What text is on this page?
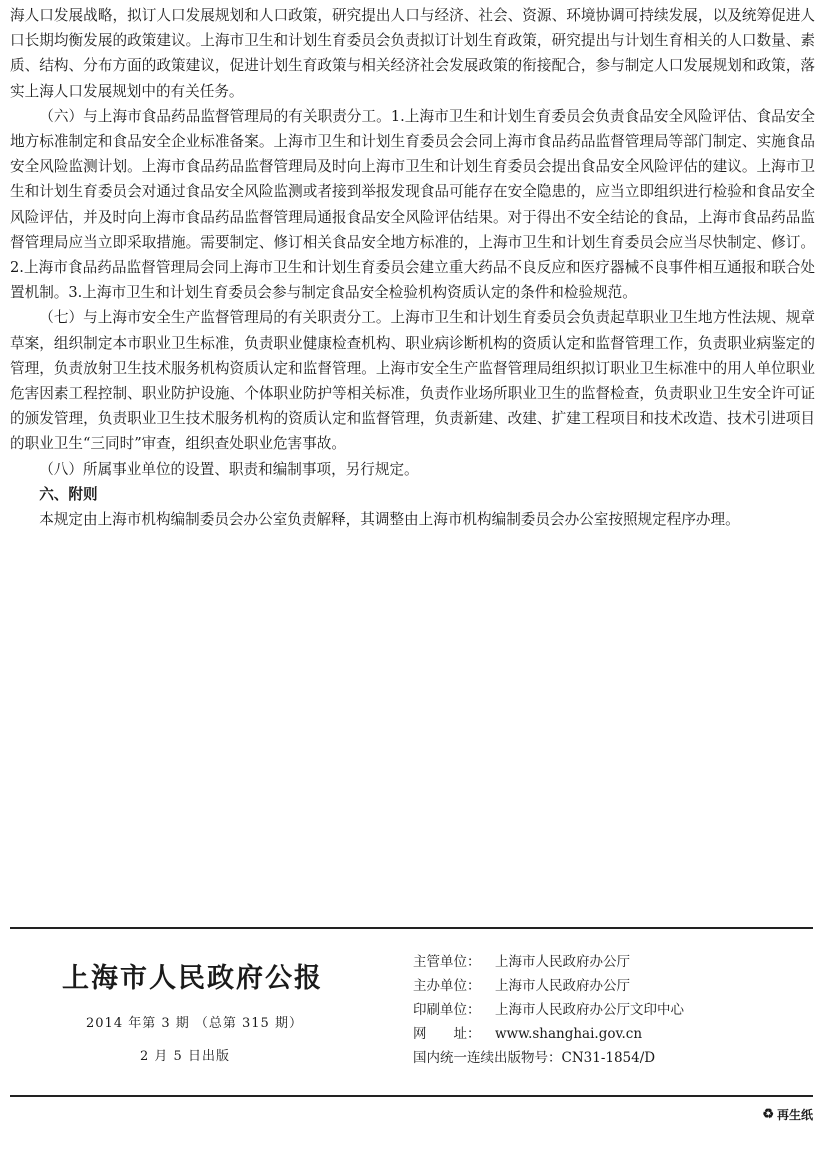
海人口发展战略，拟订人口发展规划和人口政策，研究提出人口与经济、社会、资源、环境协调可持续发展，以及统筹促进人口长期均衡发展的政策建议。上海市卫生和计划生育委员会负责拟订计划生育政策，研究提出与计划生育相关的人口数量、素质、结构、分布方面的政策建议，促进计划生育政策与相关经济社会发展政策的衔接配合，参与制定人口发展规划和政策，落实上海人口发展规划中的有关任务。

（六）与上海市食品药品监督管理局的有关职责分工。1.上海市卫生和计划生育委员会负责食品安全风险评估、食品安全地方标准制定和食品安全企业标准备案。上海市卫生和计划生育委员会会同上海市食品药品监督管理局等部门制定、实施食品安全风险监测计划。上海市食品药品监督管理局及时向上海市卫生和计划生育委员会提出食品安全风险评估的建议。上海市卫生和计划生育委员会对通过食品安全风险监测或者接到举报发现食品可能存在安全隐患的，应当立即组织进行检验和食品安全风险评估，并及时向上海市食品药品监督管理局通报食品安全风险评估结果。对于得出不安全结论的食品，上海市食品药品监督管理局应当立即采取措施。需要制定、修订相关食品安全地方标准的，上海市卫生和计划生育委员会应当尽快制定、修订。2.上海市食品药品监督管理局会同上海市卫生和计划生育委员会建立重大药品不良反应和医疗器械不良事件相互通报和联合处置机制。3.上海市卫生和计划生育委员会参与制定食品安全检验机构资质认定的条件和检验规范。

（七）与上海市安全生产监督管理局的有关职责分工。上海市卫生和计划生育委员会负责起草职业卫生地方性法规、规章草案，组织制定本市职业卫生标准，负责职业健康检查机构、职业病诊断机构的资质认定和监督管理工作，负责职业病鉴定的管理，负责放射卫生技术服务机构资质认定和监督管理。上海市安全生产监督管理局组织拟订职业卫生标准中的用人单位职业危害因素工程控制、职业防护设施、个体职业防护等相关标准，负责作业场所职业卫生的监督检查，负责职业卫生安全许可证的颁发管理，负责职业卫生技术服务机构的资质认定和监督管理，负责新建、改建、扩建工程项目和技术改造、技术引进项目的职业卫生“三同时”审查，组织查处职业危害事故。

（八）所属事业单位的设置、职责和编制事项，另行规定。

六、附则

本规定由上海市机构编制委员会办公室负责解释，其调整由上海市机构编制委员会办公室按照规定程序办理。

上海市人民政府公报
2014 年第 3 期 （总第 315 期）
2 月 5 日出版
主管单位： 上海市人民政府办公厅
主办单位： 上海市人民政府办公厅
印刷单位： 上海市人民政府办公厅文印中心
网　　址： www.shanghai.gov.cn
国内统一连续出版物号：CN31-1854/D
♻ 再生纸
